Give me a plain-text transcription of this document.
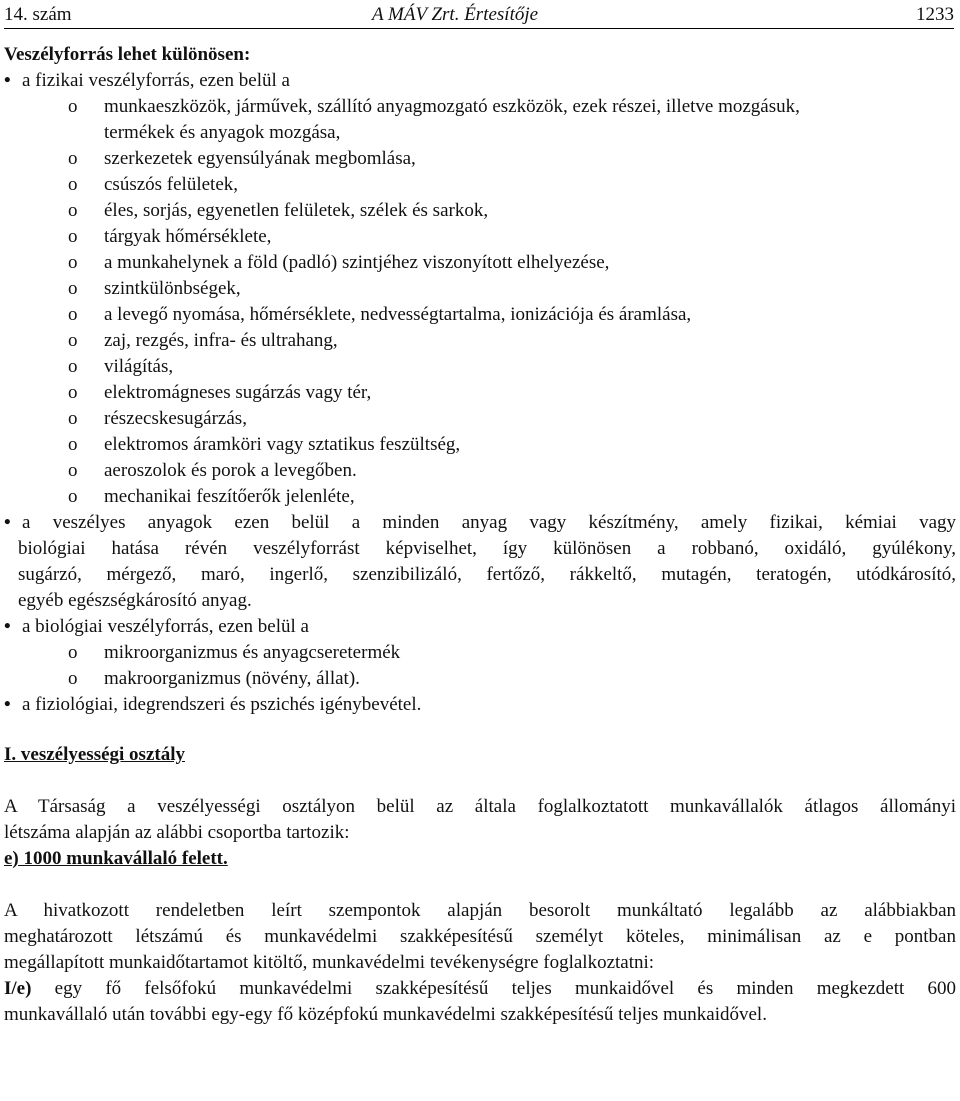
14. szám	A MÁV Zrt. Értesítője	1233
Veszélyforrás lehet különösen:
• a fizikai veszélyforrás, ezen belül a
o munkaeszközök, járművek, szállító anyagmozgató eszközök, ezek részei, illetve mozgásuk,
termékek és anyagok mozgása,
o szerkezetek egyensúlyának megbomlása,
o csúszós felületek,
o éles, sorjás, egyenetlen felületek, szélek és sarkok,
o tárgyak hőmérséklete,
o a munkahelynek a föld (padló) szintjéhez viszonyított elhelyezése,
o szintkülönbségek,
o a levegő nyomása, hőmérséklete, nedvességtartalma, ionizációja és áramlása,
o zaj, rezgés, infra- és ultrahang,
o világítás,
o elektromágneses sugárzás vagy tér,
o részecskesugárzás,
o elektromos áramköri vagy sztatikus feszültség,
o aeroszolok és porok a levegőben.
o mechanikai feszítőerők jelenléte,
• a veszélyes anyagok ezen belül a minden anyag vagy készítmény, amely fizikai, kémiai vagy
biológiai hatása révén veszélyforrást képviselhet, így különösen a robbanó, oxidáló, gyúlékony,
sugárzó, mérgező, maró, ingerlő, szenzibilizáló, fertőző, rákkeltő, mutagén, teratogén, utódkárosító,
egyéb egészségkárosító anyag.
• a biológiai veszélyforrás, ezen belül a
o mikroorganizmus és anyagcseretermék
o makroorganizmus (növény, állat).
• a fiziológiai, idegrendszeri és pszichés igénybevétel.
I. veszélyességi osztály
A Társaság a veszélyességi osztályon belül az általa foglalkoztatott munkavállalók átlagos állományi
létszáma alapján az alábbi csoportba tartozik:
e) 1000 munkavállaló felett.
A hivatkozott rendeletben leírt szempontok alapján besorolt munkáltató legalább az alábbiakban
meghatározott létszámú és munkavédelmi szakképesítésű személyt köteles, minimálisan az e pontban
megállapított munkaidőtartamot kitöltő, munkavédelmi tevékenységre foglalkoztatni:
I/e) egy fő felsőfokú munkavédelmi szakképesítésű teljes munkaidővel és minden megkezdett 600
munkavállaló után további egy-egy fő középfokú munkavédelmi szakképesítésű teljes munkaidővel.
